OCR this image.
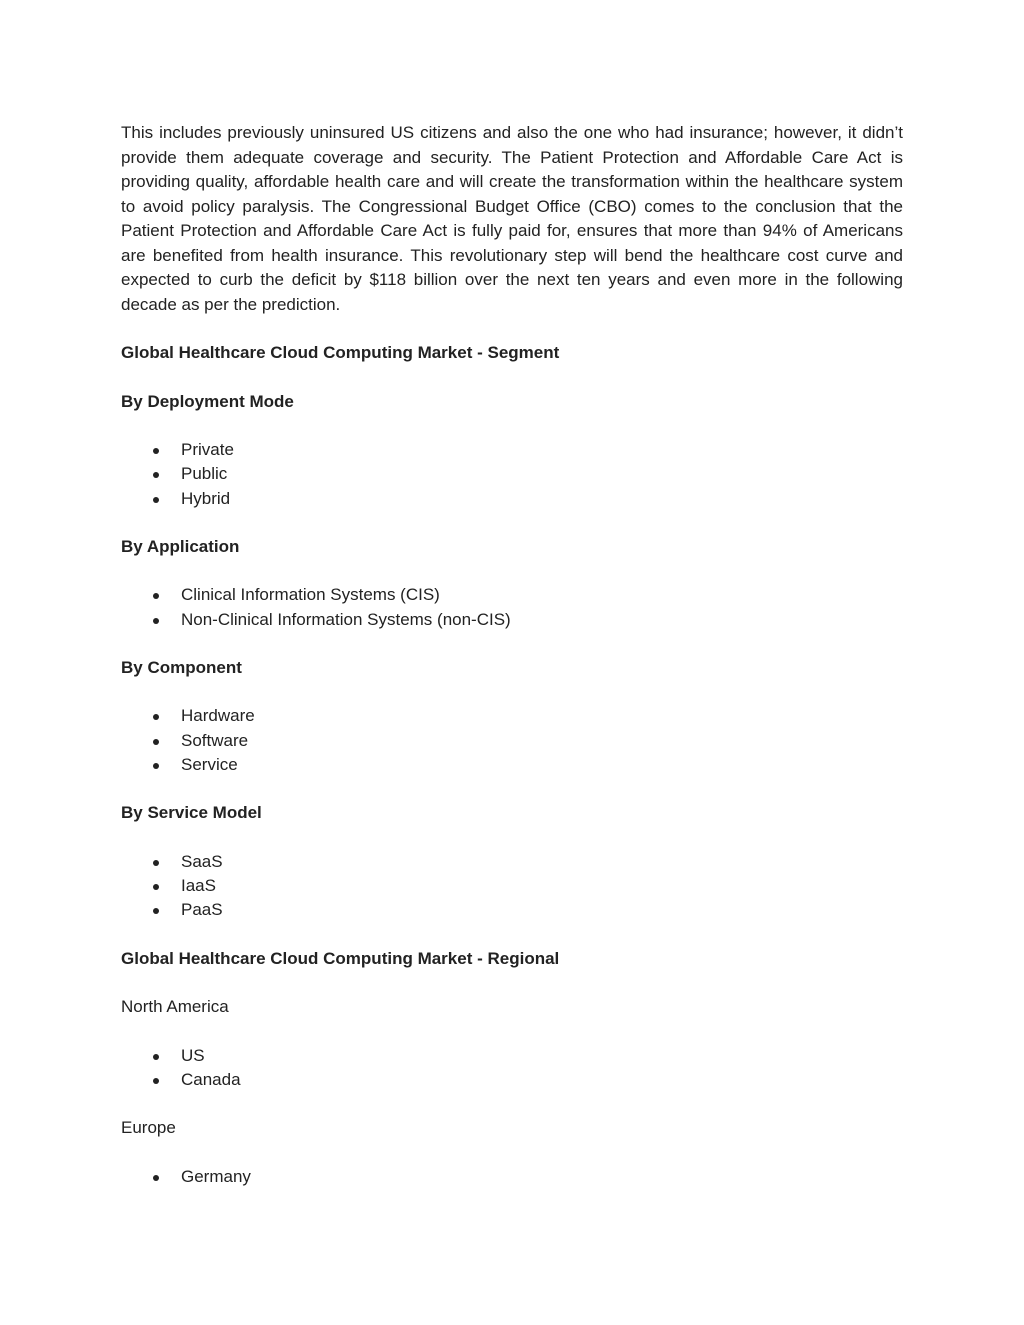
This includes previously uninsured US citizens and also the one who had insurance; however, it didn’t provide them adequate coverage and security. The Patient Protection and Affordable Care Act is providing quality, affordable health care and will create the transformation within the healthcare system to avoid policy paralysis. The Congressional Budget Office (CBO) comes to the conclusion that the Patient Protection and Affordable Care Act is fully paid for, ensures that more than 94% of Americans are benefited from health insurance. This revolutionary step will bend the healthcare cost curve and expected to curb the deficit by $118 billion over the next ten years and even more in the following decade as per the prediction.

Global Healthcare Cloud Computing Market - Segment

By Deployment Mode

Private
Public
Hybrid

By Application

Clinical Information Systems (CIS)
Non-Clinical Information Systems (non-CIS)

By Component

Hardware
Software
Service

By Service Model

SaaS
IaaS
PaaS

Global Healthcare Cloud Computing Market - Regional

North America

US
Canada

Europe

Germany
